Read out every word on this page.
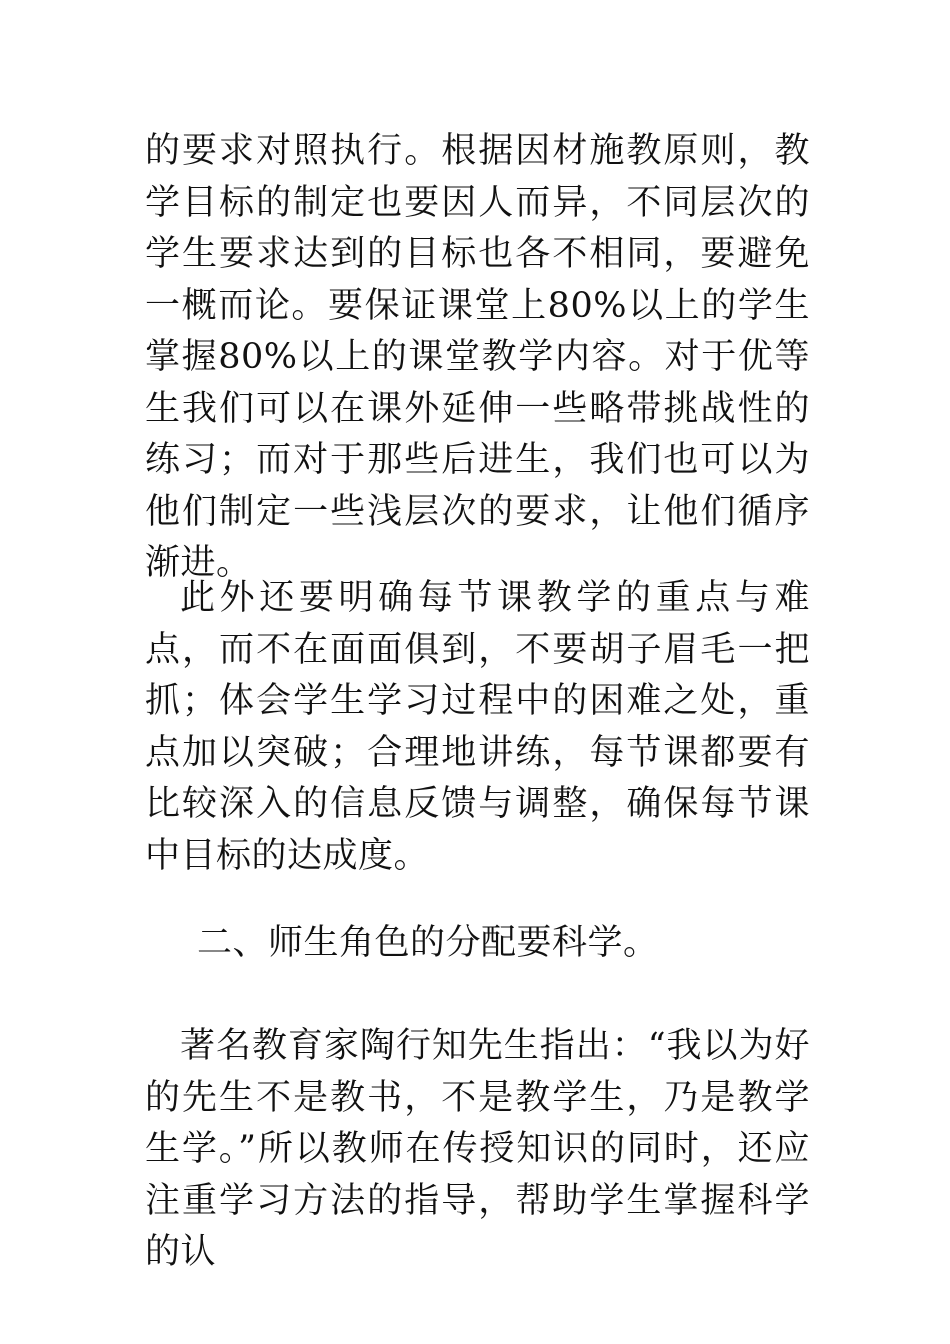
的要求对照执行。根据因材施教原则，教学目标的制定也要因人而异，不同层次的学生要求达到的目标也各不相同，要避免一概而论。要保证课堂上80%以上的学生掌握80%以上的课堂教学内容。对于优等生我们可以在课外延伸一些略带挑战性的练习；而对于那些后进生，我们也可以为他们制定一些浅层次的要求，让他们循序渐进。

此外还要明确每节课教学的重点与难点，而不在面面俱到，不要胡子眉毛一把抓；体会学生学习过程中的困难之处，重点加以突破；合理地讲练，每节课都要有比较深入的信息反馈与调整，确保每节课中目标的达成度。

二、师生角色的分配要科学。

著名教育家陶行知先生指出：“我以为好的先生不是教书，不是教学生，乃是教学生学。”所以教师在传授知识的同时，还应注重学习方法的指导，帮助学生掌握科学的认
